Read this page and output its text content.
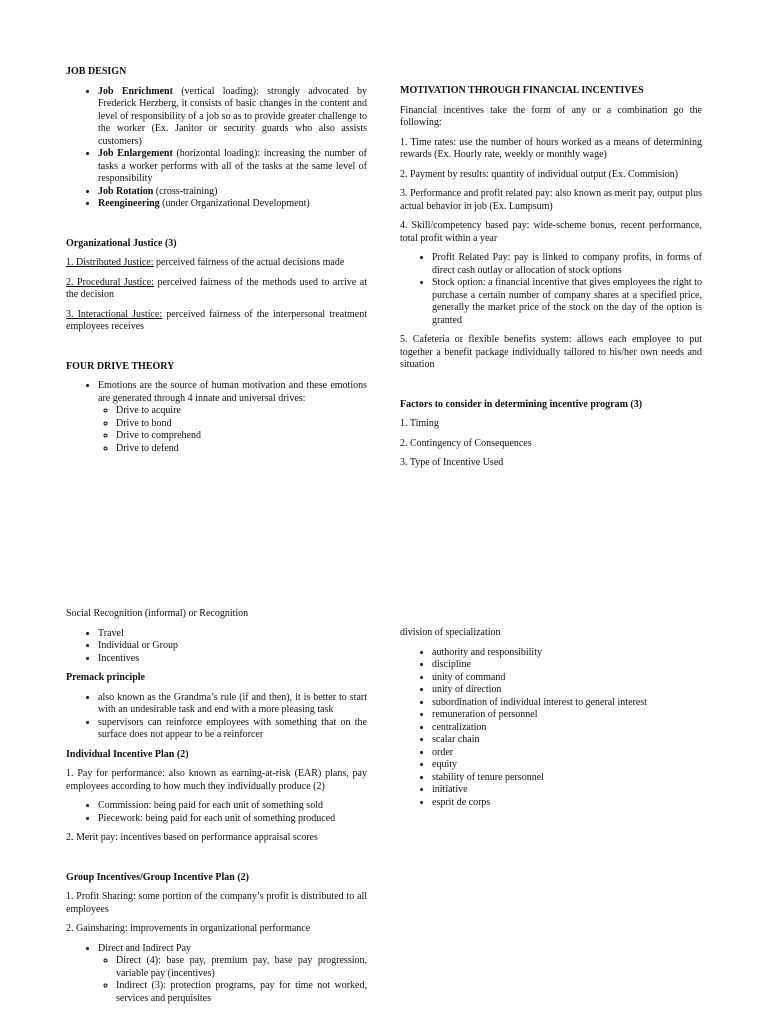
JOB DESIGN
• Job Enrichment (vertical loading): strongly advocated by Frederick Herzberg, it consists of basic changes in the content and level of responsibility of a job so as to provide greater challenge to the worker (Ex. Janitor or security guards who also assists customers)
• Job Enlargement (horizontal loading): increasing the number of tasks a worker performs with all of the tasks at the same level of responsibility
• Job Rotation (cross-training)
• Reengineering (under Organizational Development)
Organizational Justice (3)

1. Distributed Justice: perceived fairness of the actual decisions made

2. Procedural Justice: perceived fairness of the methods used to arrive at the decision

3. Interactional Justice: perceived fairness of the interpersonal treatment employees receives

FOUR DRIVE THEORY
• Emotions are the source of human motivation and these emotions are generated through 4 innate and universal drives:
◦ Drive to acquire
◦ Drive to bond
◦ Drive to comprehend
◦ Drive to defend
MOTIVATION THROUGH FINANCIAL INCENTIVES

Financial incentives take the form of any or a combination go the following:

1. Time rates: use the number of hours worked as a means of determining rewards (Ex. Hourly rate, weekly or monthly wage)

2. Payment by results: quantity of individual output (Ex. Commision)

3. Performance and profit related pay: also known as merit pay, output plus actual behavior in job (Ex. Lumpsum)

4. Skill/competency based pay: wide-scheme bonus, recent performance, total profit within a year

• Profit Related Pay: pay is linked to company profits, in forms of direct cash outlay or allocation of stock options
• Stock option: a financial incentive that gives employees the right to purchase a certain number of company shares at a specified price, generally the market price of the stock on the day of the option is granted

5. Cafeteria or flexible benefits system: allows each employee to put together a benefit package individually tailored to his/her own needs and situation

Factors to consider in determining incentive program (3)

1. Timing

2. Contingency of Consequences

3. Type of Incentive Used

Social Recognition (informal) or Recognition

• Travel
• Individual or Group
• Incentives
Premack principle
• also known as the Grandma’s rule (if and then), it is better to start with an undesirable task and end with a more pleasing task
• supervisors can reinforce employees with something that on the surface does not appear to be a reinforcer
Individual Incentive Plan (2)

1. Pay for performance: also known as earning-at-risk (EAR) plans, pay employees according to how much they individually produce (2)

• Commission: being paid for each unit of something sold
• Piecework: being paid for each unit of something produced

2. Merit pay: incentives based on performance appraisal scores

Group Incentives/Group Incentive Plan (2)

1. Profit Sharing: some portion of the company’s profit is distributed to all employees

2. Gainsharing: improvements in organizational performance

• Direct and Indirect Pay
◦ Direct (4): base pay, premium pay, base pay progression, variable pay (incentives)
◦ Indirect (3): protection programs, pay for time not worked, services and perquisites

division of specialization

• authority and responsibility
• discipline
• unity of command
• unity of direction
• subordination of individual interest to general interest
• remuneration of personnel
• centralization
• scalar chain
• order
• equity
• stability of tenure personnel
• initiative
• esprit de corps
